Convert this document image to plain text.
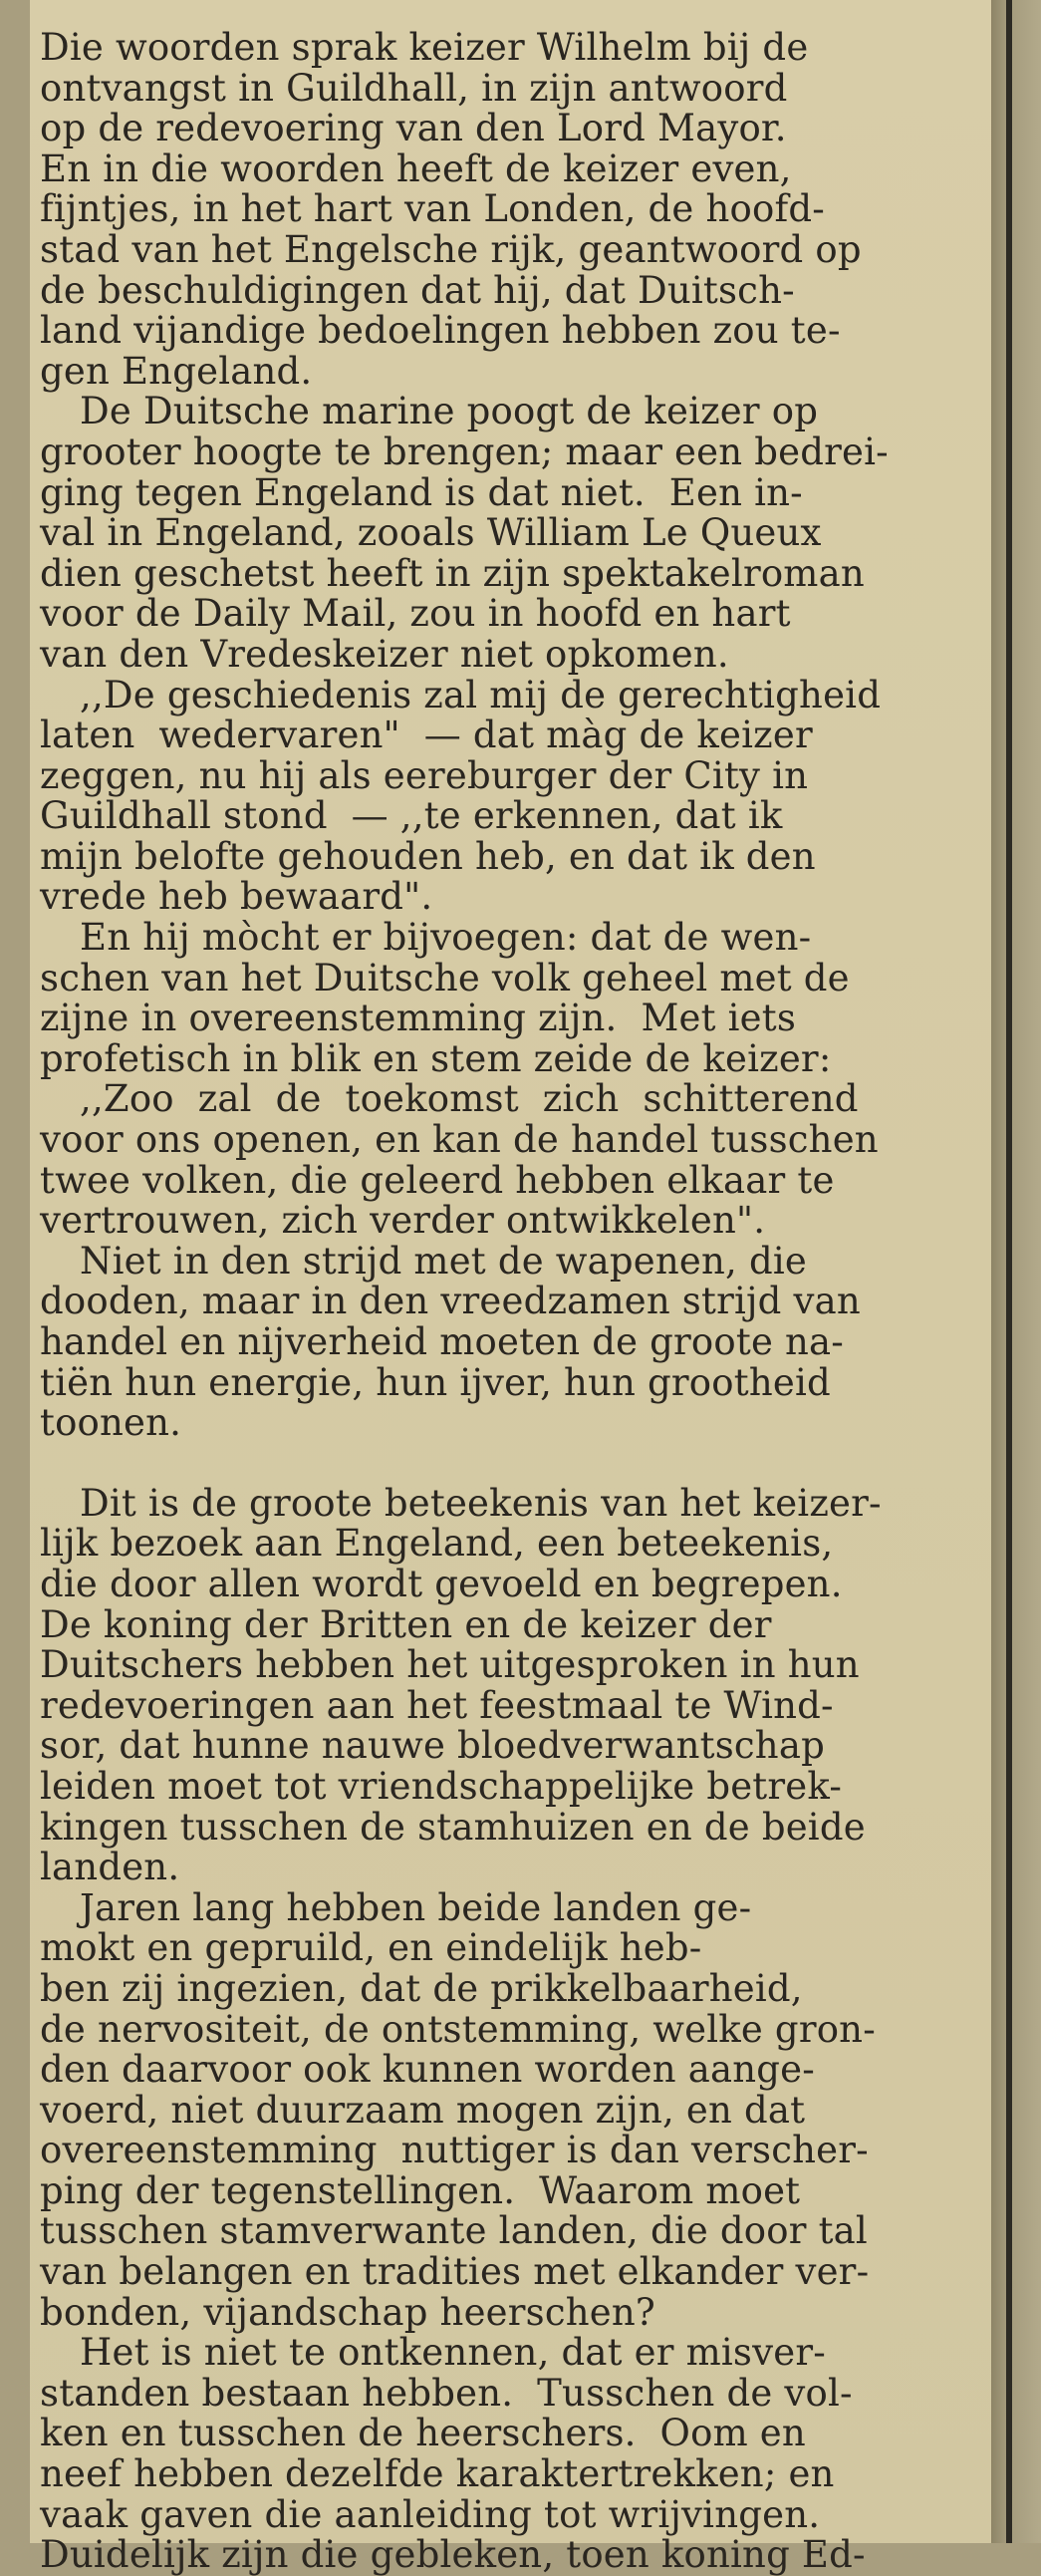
Die woorden sprak keizer Wilhelm bij de
ontvangst in Guildhall, in zijn antwoord
op de redevoering van den Lord Mayor.
En in die woorden heeft de keizer even,
fijntjes, in het hart van Londen, de hoofd-
stad van het Engelsche rijk, geantwoord op
de beschuldigingen dat hij, dat Duitsch-
land vijandige bedoelingen hebben zou te-
gen Engeland.

De Duitsche marine poogt de keizer op
grooter hoogte te brengen; maar een bedrei-
ging tegen Engeland is dat niet.  Een in-
val in Engeland, zooals William Le Queux
dien geschetst heeft in zijn spektakelroman
voor de Daily Mail, zou in hoofd en hart
van den Vredeskeizer niet opkomen.

,,De geschiedenis zal mij de gerechtigheid
laten  wedervaren"  — dat màg de keizer
zeggen, nu hij als eereburger der City in
Guildhall stond  — ,,te erkennen, dat ik
mijn belofte gehouden heb, en dat ik den
vrede heb bewaard".

En hij mòcht er bijvoegen: dat de wen-
schen van het Duitsche volk geheel met de
zijne in overeenstemming zijn.  Met iets
profetisch in blik en stem zeide de keizer:

,,Zoo  zal  de  toekomst  zich  schitterend
voor ons openen, en kan de handel tusschen
twee volken, die geleerd hebben elkaar te
vertrouwen, zich verder ontwikkelen".

Niet in den strijd met de wapenen, die
dooden, maar in den vreedzamen strijd van
handel en nijverheid moeten de groote na-
tiën hun energie, hun ijver, hun grootheid
toonen.

Dit is de groote beteekenis van het keizer-
lijk bezoek aan Engeland, een beteekenis,
die door allen wordt gevoeld en begrepen.
De koning der Britten en de keizer der
Duitschers hebben het uitgesproken in hun
redevoeringen aan het feestmaal te Wind-
sor, dat hunne nauwe bloedverwantschap
leiden moet tot vriendschappelijke betrek-
kingen tusschen de stamhuizen en de beide
landen.

Jaren lang hebben beide landen ge-
mokt en gepruild, en eindelijk heb-
ben zij ingezien, dat de prikkelbaarheid,
de nervositeit, de ontstemming, welke gron-
den daarvoor ook kunnen worden aange-
voerd, niet duurzaam mogen zijn, en dat
overeenstemming  nuttiger is dan verscher-
ping der tegenstellingen.  Waarom moet
tusschen stamverwante landen, die door tal
van belangen en tradities met elkander ver-
bonden, vijandschap heerschen?

Het is niet te ontkennen, dat er misver-
standen bestaan hebben.  Tusschen de vol-
ken en tusschen de heerschers.  Oom en
neef hebben dezelfde karaktertrekken; en
vaak gaven die aanleiding tot wrijvingen.
Duidelijk zijn die gebleken, toen koning Ed-
